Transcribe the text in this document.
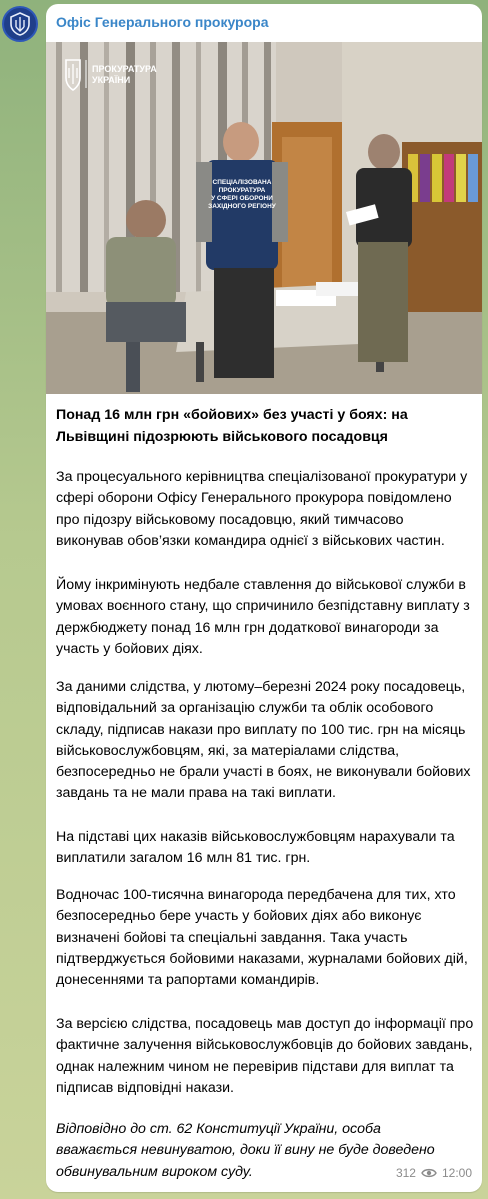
Офіс Генерального прокурора
СПЕЦІАЛІЗОВАНА
ПРОКУРАТУРА
У СФЕРІ ОБОРОНИ
ЗАХІДНОГО РЕГІОНУ
ПРОКУРАТУРА
УКРАЇНИ
Понад 16 млн грн «бойових» без участі у боях: на Львівщині підозрюють військового посадовця
За процесуального керівництва спеціалізованої прокуратури у сфері оборони Офісу Генерального прокурора повідомлено про підозру військовому посадовцю, який тимчасово виконував обов’язки командира однієї з військових частин.
Йому інкримінують недбале ставлення до військової служби в умовах воєнного стану, що спричинило безпідставну виплату з держбюджету понад 16 млн грн додаткової винагороди за участь у бойових діях.
За даними слідства, у лютому–березні 2024 року посадовець, відповідальний за організацію служби та облік особового складу, підписав накази про виплату по 100 тис. грн на місяць військовослужбовцям, які, за матеріалами слідства, безпосередньо не брали участі в боях, не виконували бойових завдань та не мали права на такі виплати.
На підставі цих наказів військовослужбовцям нарахували та виплатили загалом 16 млн 81 тис. грн.
Водночас 100-тисячна винагорода передбачена для тих, хто безпосередньо бере участь у бойових діях або виконує визначені бойові та спеціальні завдання. Така участь підтверджується бойовими наказами, журналами бойових дій, донесеннями та рапортами командирів.
За версією слідства, посадовець мав доступ до інформації про фактичне залучення військовослужбовців до бойових завдань, однак належним чином не перевірив підстави для виплат та підписав відповідні накази.
Відповідно до ст. 62 Конституції України, особа вважається невинуватою, доки її вину не буде доведено обвинувальним вироком суду.	312 12:00
